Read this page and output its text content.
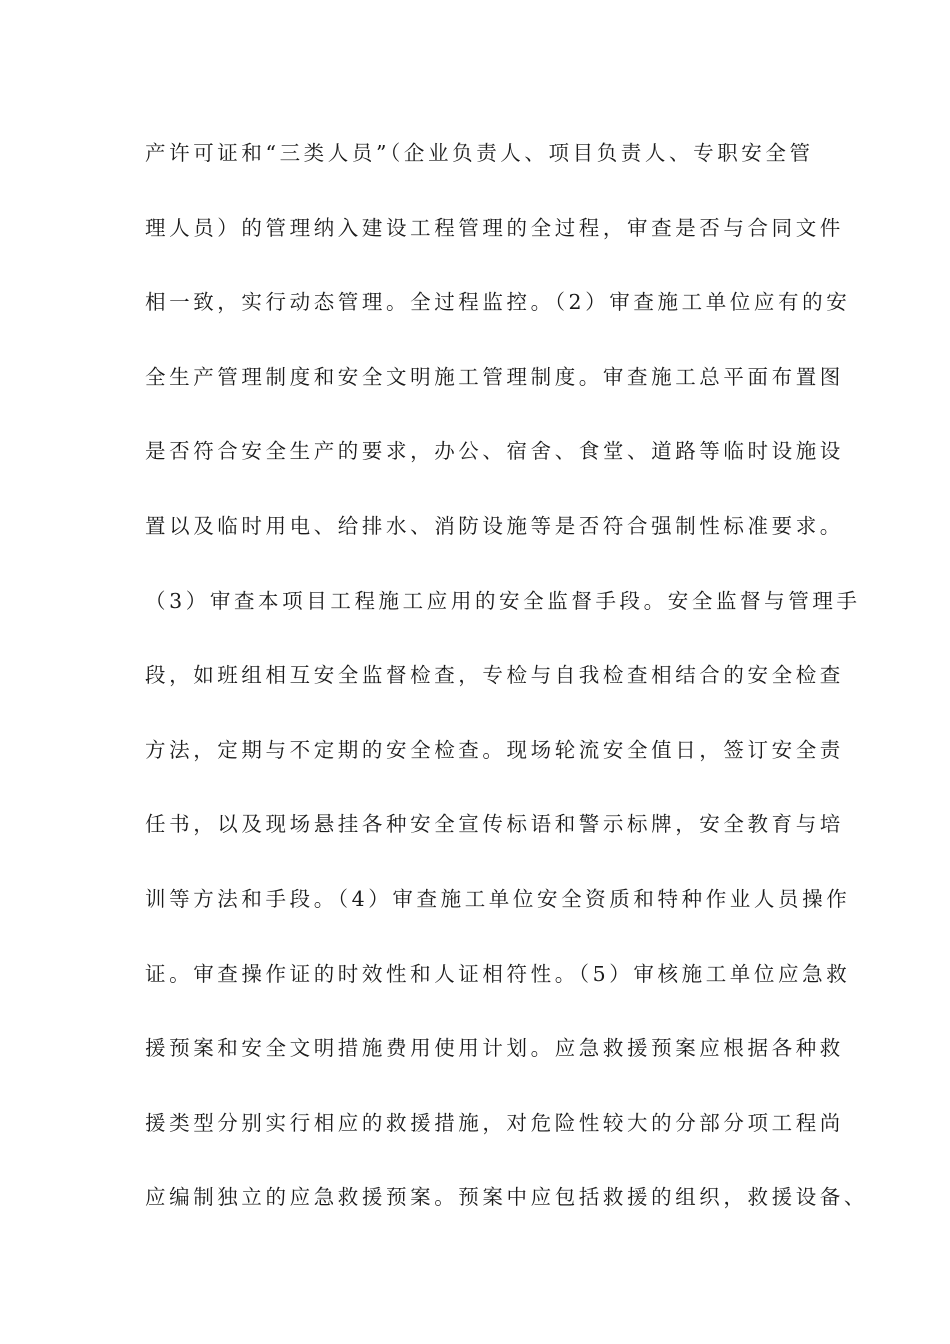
产许可证和“三类人员”（企业负责人、项目负责人、专职安全管
理人员）的管理纳入建设工程管理的全过程，审查是否与合同文件
相一致，实行动态管理。全过程监控。（2）审查施工单位应有的安
全生产管理制度和安全文明施工管理制度。审查施工总平面布置图
是否符合安全生产的要求，办公、宿舍、食堂、道路等临时设施设
置以及临时用电、给排水、消防设施等是否符合强制性标准要求。
（3）审查本项目工程施工应用的安全监督手段。安全监督与管理手
段，如班组相互安全监督检查，专检与自我检查相结合的安全检查
方法，定期与不定期的安全检查。现场轮流安全值日，签订安全责
任书，以及现场悬挂各种安全宣传标语和警示标牌，安全教育与培
训等方法和手段。（4）审查施工单位安全资质和特种作业人员操作
证。审查操作证的时效性和人证相符性。（5）审核施工单位应急救
援预案和安全文明措施费用使用计划。应急救援预案应根据各种救
援类型分别实行相应的救援措施，对危险性较大的分部分项工程尚
应编制独立的应急救援预案。预案中应包括救援的组织，救援设备、
